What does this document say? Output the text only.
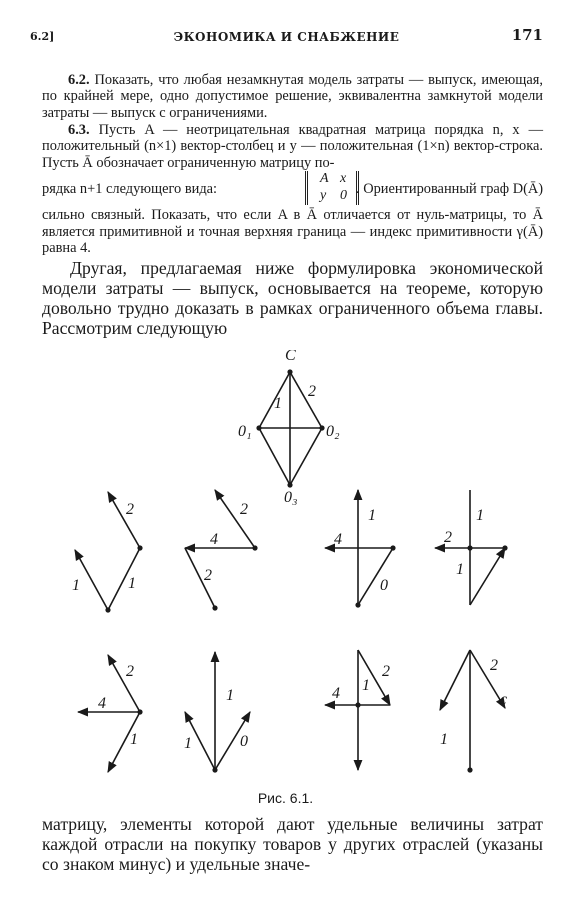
6.2]	ЭКОНОМИКА И СНАБЖЕНИЕ	171

6.2. Показать, что любая незамкнутая модель затраты — выпуск, имеющая, по крайней мере, одно допустимое решение, эквивалентна замкнутой модели затраты — выпуск с ограничениями.

6.3. Пусть A — неотрицательная квадратная матрица порядка n, x — положительный (n×1) вектор-столбец и y — положительная (1×n) вектор-строка. Пусть Ā обозначает ограниченную матрицу по-

рядка n+1 следующего вида:
A x
y 0 . Ориентированный граф D(Ā)

сильно связный. Показать, что если A в Ā отличается от нуль-матрицы, то Ā является примитивной и точная верхняя граница — индекс примитивности γ(Ā) равна 4.

Другая, предлагаемая ниже формулировка экономической модели затраты — выпуск, основывается на теореме, которую довольно трудно доказать в рамках ограниченного объема главы. Рассмотрим следующую

C
1
2
0₁	0₂
0₃
2
1	1
2
4
2
1
4
0
2
1
1
2
4
1
1
1	0
4 1
2
1
2
c
Рис. 6.1.

матрицу, элементы которой дают удельные величины затрат каждой отрасли на покупку товаров у других отраслей (указаны со знаком минус) и удельные значе-
